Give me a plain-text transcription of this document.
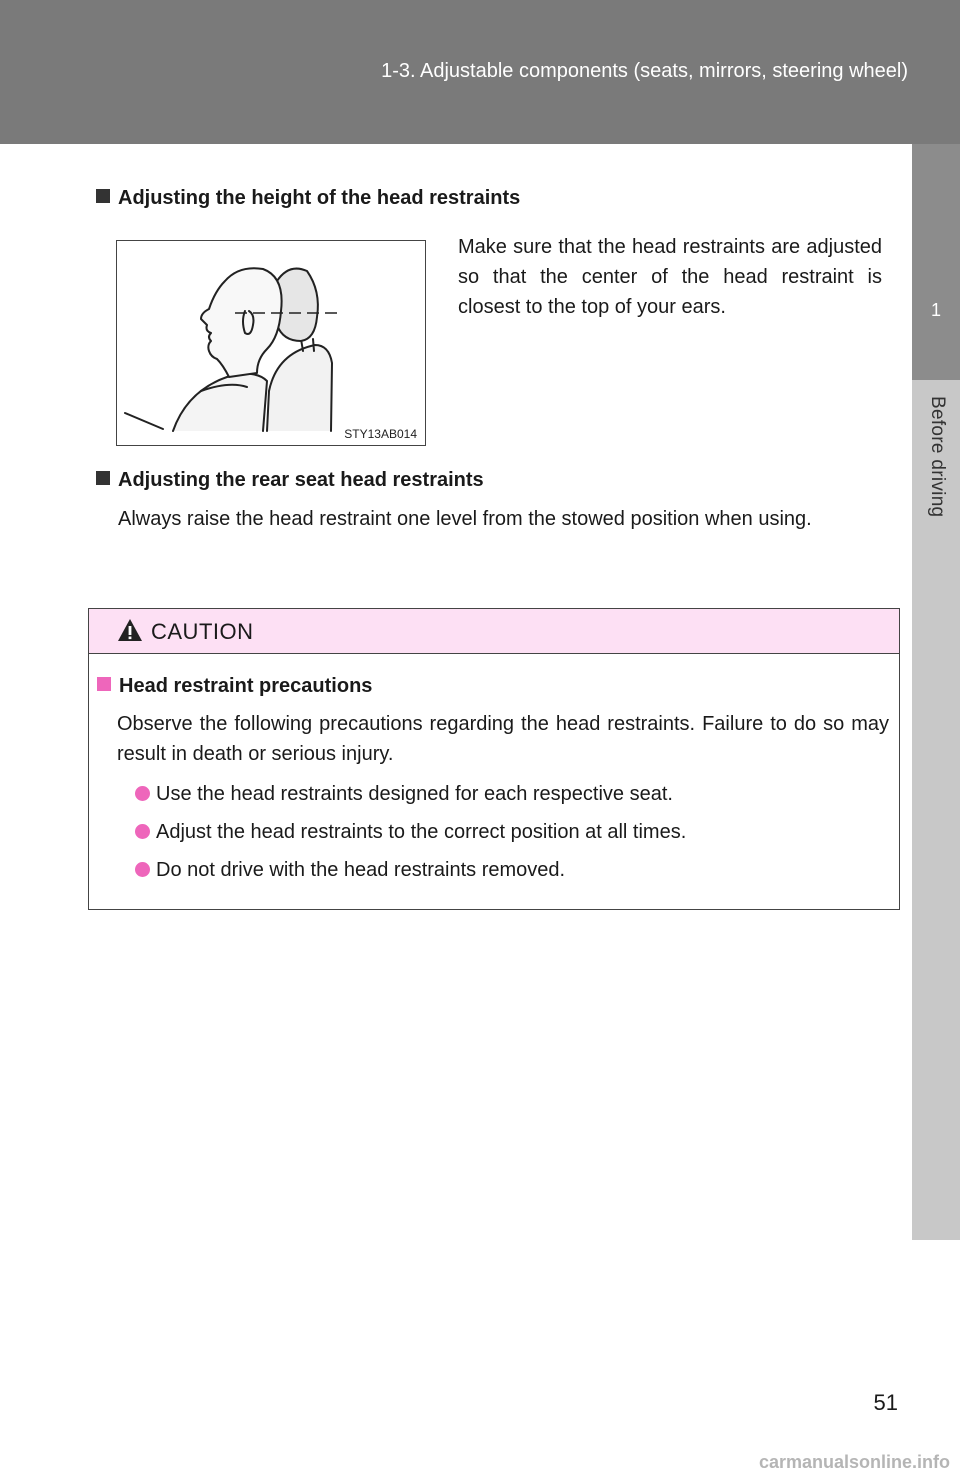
1-3. Adjustable components (seats, mirrors, steering wheel)
1
Before driving
Adjusting the height of the head restraints
STY13AB014
Make sure that the head restraints are adjusted so that the center of the head restraint is closest to the top of your ears.
Adjusting the rear seat head restraints
Always raise the head restraint one level from the stowed position when using.
CAUTION
Head restraint precautions
Observe the following precautions regarding the head restraints. Failure to do so may result in death or serious injury.
Use the head restraints designed for each respective seat.
Adjust the head restraints to the correct position at all times.
Do not drive with the head restraints removed.
51
carmanualsonline.info
